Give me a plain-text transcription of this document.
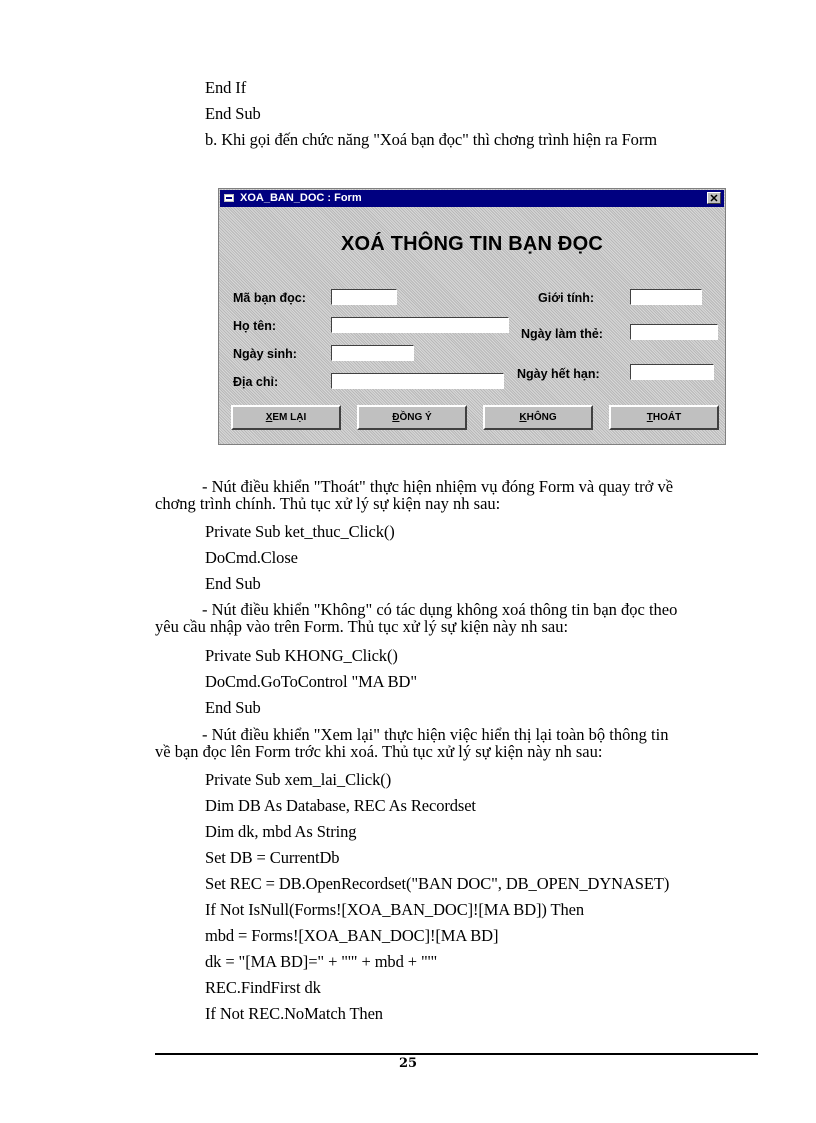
End If
End Sub
b. Khi gọi đến chức năng "Xoá bạn đọc" thì chơng trình hiện ra Form
XOA_BAN_DOC : Form	✕
XOÁ THÔNG TIN BẠN ĐỌC
Mã bạn đọc:
Họ tên:
Ngày sinh:
Địa chỉ:
Giới tính:
Ngày làm thẻ:
Ngày hết hạn:
XEM LẠI	ĐỒNG Ý	KHÔNG	THOÁT
- Nút điều khiển "Thoát" thực hiện nhiệm vụ đóng Form và quay trở về
chơng trình chính. Thủ tục xử lý sự kiện nay nh sau:
Private Sub ket_thuc_Click()
DoCmd.Close
End Sub
- Nút điều khiển "Không" có tác dụng không xoá thông tin bạn đọc theo
yêu cầu nhập vào trên Form. Thủ tục xử lý sự kiện này nh sau:
Private Sub KHONG_Click()
DoCmd.GoToControl "MA BD"
End Sub
- Nút điều khiển "Xem lại" thực hiện việc hiển thị lại toàn bộ thông tin
về bạn đọc lên Form trớc khi xoá. Thủ tục xử lý sự kiện này nh sau:
Private Sub xem_lai_Click()
Dim DB As Database, REC As Recordset
Dim dk, mbd As String
Set DB = CurrentDb
Set REC = DB.OpenRecordset("BAN DOC", DB_OPEN_DYNASET)
If Not IsNull(Forms![XOA_BAN_DOC]![MA BD]) Then
mbd = Forms![XOA_BAN_DOC]![MA BD]
dk = "[MA BD]=" + "'" + mbd + "'"
REC.FindFirst dk
If Not REC.NoMatch Then
25
